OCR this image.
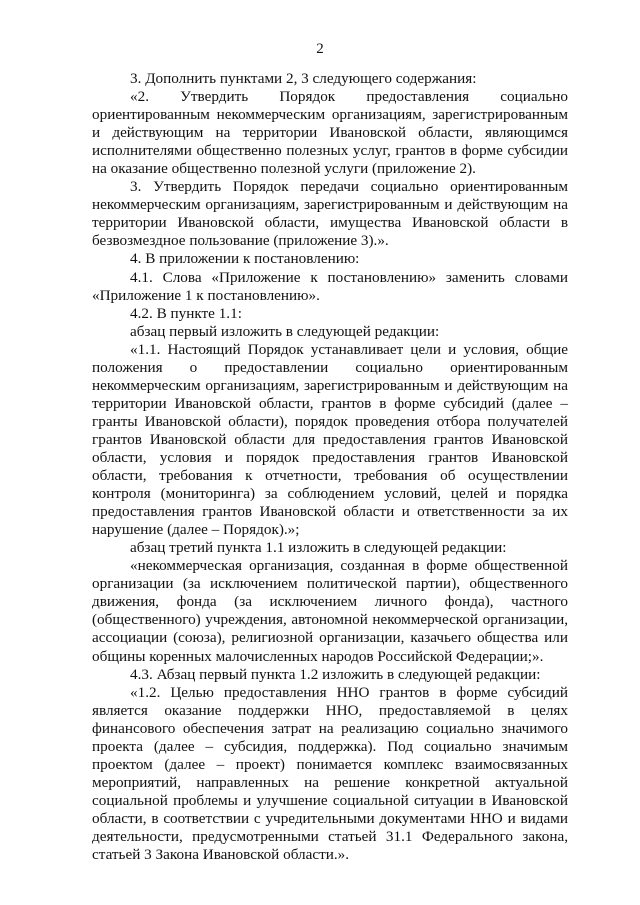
2

3. Дополнить пунктами 2, 3 следующего содержания:

«2. Утвердить Порядок предоставления социально ориентированным некоммерческим организациям, зарегистрированным и действующим на территории Ивановской области, являющимся исполнителями общественно полезных услуг, грантов в форме субсидии на оказание общественно полезной услуги (приложение 2).

3. Утвердить Порядок передачи социально ориентированным некоммерческим организациям, зарегистрированным и действующим на территории Ивановской области, имущества Ивановской области в безвозмездное пользование (приложение 3).».

4. В приложении к постановлению:

4.1. Слова «Приложение к постановлению» заменить словами «Приложение 1 к постановлению».

4.2. В пункте 1.1:

абзац первый изложить в следующей редакции:

«1.1. Настоящий Порядок устанавливает цели и условия, общие положения о предоставлении социально ориентированным некоммерческим организациям, зарегистрированным и действующим на территории Ивановской области, грантов в форме субсидий (далее – гранты Ивановской области), порядок проведения отбора получателей грантов Ивановской области для предоставления грантов Ивановской области, условия и порядок предоставления грантов Ивановской области, требования к отчетности, требования об осуществлении контроля (мониторинга) за соблюдением условий, целей и порядка предоставления грантов Ивановской области и ответственности за их нарушение (далее – Порядок).»;

абзац третий пункта 1.1 изложить в следующей редакции:

«некоммерческая организация, созданная в форме общественной организации (за исключением политической партии), общественного движения, фонда (за исключением личного фонда), частного (общественного) учреждения, автономной некоммерческой организации, ассоциации (союза), религиозной организации, казачьего общества или общины коренных малочисленных народов Российской Федерации;».

4.3. Абзац первый пункта 1.2 изложить в следующей редакции:

«1.2. Целью предоставления ННО грантов в форме субсидий является оказание поддержки ННО, предоставляемой в целях финансового обеспечения затрат на реализацию социально значимого проекта (далее – субсидия, поддержка). Под социально значимым проектом (далее – проект) понимается комплекс взаимосвязанных мероприятий, направленных на решение конкретной актуальной социальной проблемы и улучшение социальной ситуации в Ивановской области, в соответствии с учредительными документами ННО и видами деятельности, предусмотренными статьей 31.1 Федерального закона, статьей 3 Закона Ивановской области.».
